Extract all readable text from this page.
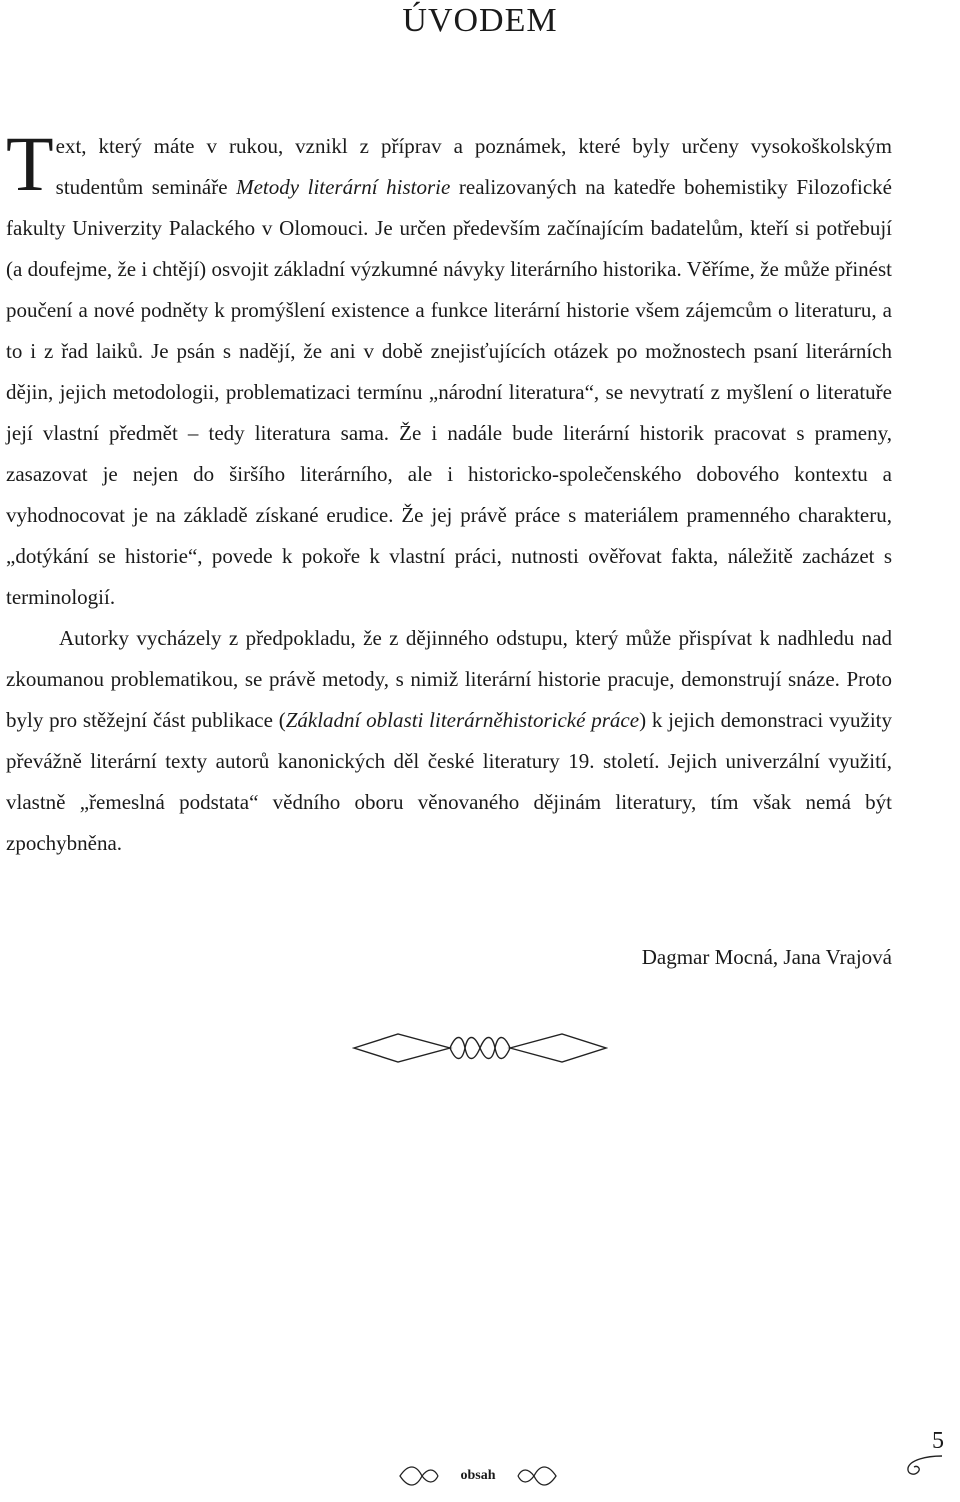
ÚVODEM

Text, který máte v rukou, vznikl z příprav a poznámek, které byly určeny vysokoškolským studentům semináře Metody literární historie realizovaných na katedře bohemistiky Filozofické fakulty Univerzity Palackého v Olomouci. Je určen především začínajícím badatelům, kteří si potřebují (a doufejme, že i chtějí) osvojit základní výzkumné návyky literárního historika. Věříme, že může přinést poučení a nové podněty k promýšlení existence a funkce literární historie všem zájemcům o literaturu, a to i z řad laiků. Je psán s nadějí, že ani v době znejisťujících otázek po možnostech psaní literárních dějin, jejich metodologii, problematizaci termínu „národní literatura“, se nevytratí z myšlení o literatuře její vlastní předmět – tedy literatura sama. Že i nadále bude literární historik pracovat s prameny, zasazovat je nejen do širšího literárního, ale i historicko-společenského dobového kontextu a vyhodnocovat je na základě získané erudice. Že jej právě práce s materiálem pramenného charakteru, „dotýkání se historie“, povede k pokoře k vlastní práci, nutnosti ověřovat fakta, náležitě zacházet s terminologií.

Autorky vycházely z předpokladu, že z dějinného odstupu, který může přispívat k nadhledu nad zkoumanou problematikou, se právě metody, s nimiž literární historie pracuje, demonstrují snáze. Proto byly pro stěžejní část publikace (Základní oblasti literárněhistorické práce) k jejich demonstraci využity převážně literární texty autorů kanonických děl české literatury 19. století. Jejich univerzální využití, vlastně „řemeslná podstata“ vědního oboru věnovaného dějinám literatury, tím však nemá být zpochybněna.

Dagmar Mocná, Jana Vrajová
5
obsah
